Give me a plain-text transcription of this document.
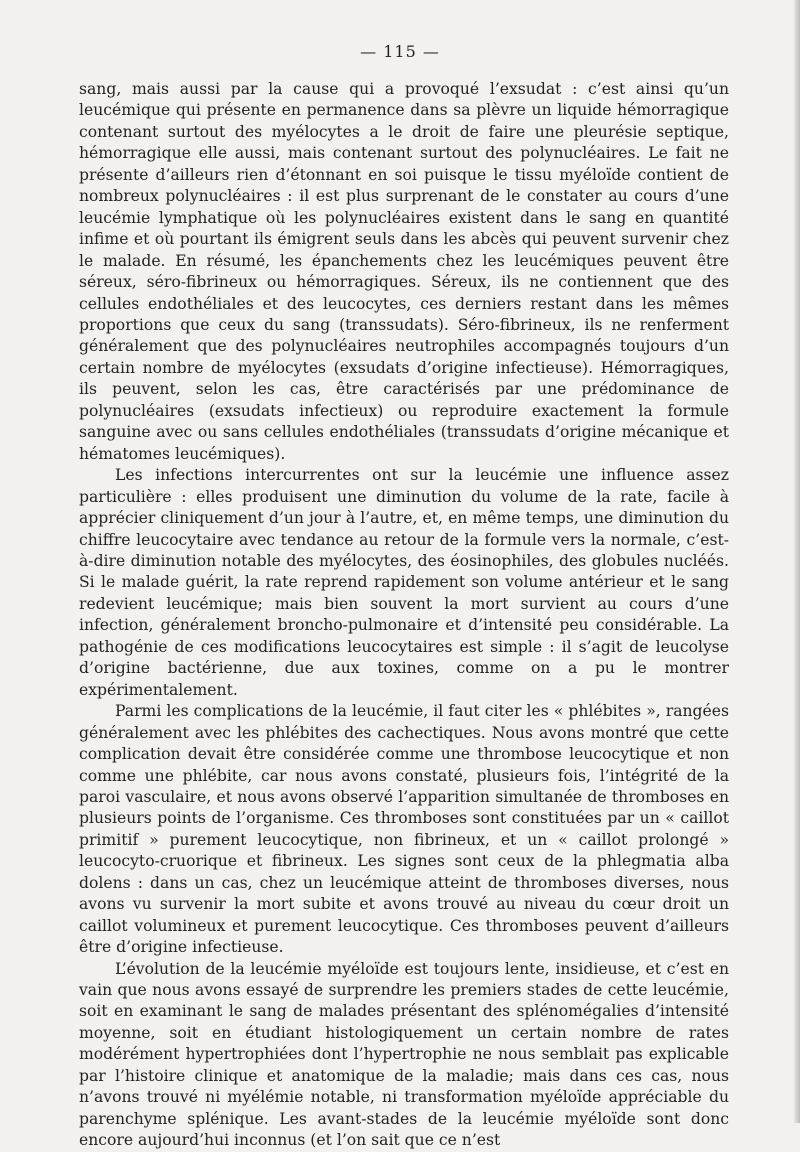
— 115 —

sang, mais aussi par la cause qui a provoqué l’exsudat : c’est ainsi qu’un leucémique qui présente en permanence dans sa plèvre un liquide hémorragique contenant surtout des myélocytes a le droit de faire une pleurésie septique, hémorragique elle aussi, mais contenant surtout des polynucléaires. Le fait ne présente d’ailleurs rien d’étonnant en soi puisque le tissu myéloïde contient de nombreux polynucléaires : il est plus surprenant de le constater au cours d’une leucémie lymphatique où les polynucléaires existent dans le sang en quantité infime et où pourtant ils émigrent seuls dans les abcès qui peuvent survenir chez le malade. En résumé, les épanchements chez les leucémiques peuvent être séreux, séro-fibrineux ou hémorragiques. Séreux, ils ne contiennent que des cellules endothéliales et des leucocytes, ces derniers restant dans les mêmes proportions que ceux du sang (transsudats). Séro-fibrineux, ils ne renferment généralement que des polynucléaires neutrophiles accompagnés toujours d’un certain nombre de myélocytes (exsudats d’origine infectieuse). Hémorragiques, ils peuvent, selon les cas, être caractérisés par une prédominance de polynucléaires (exsudats infectieux) ou reproduire exactement la formule sanguine avec ou sans cellules endothéliales (transsudats d’origine mécanique et hématomes leucémiques).

Les infections intercurrentes ont sur la leucémie une influence assez particulière : elles produisent une diminution du volume de la rate, facile à apprécier cliniquement d’un jour à l’autre, et, en même temps, une diminution du chiffre leucocytaire avec tendance au retour de la formule vers la normale, c’est-à-dire diminution notable des myélocytes, des éosinophiles, des globules nucléés. Si le malade guérit, la rate reprend rapidement son volume antérieur et le sang redevient leucémique; mais bien souvent la mort survient au cours d’une infection, généralement broncho-pulmonaire et d’intensité peu considérable. La pathogénie de ces modifications leucocytaires est simple : il s’agit de leucolyse d’origine bactérienne, due aux toxines, comme on a pu le montrer expérimentalement.

Parmi les complications de la leucémie, il faut citer les « phlébites », rangées généralement avec les phlébites des cachectiques. Nous avons montré que cette complication devait être considérée comme une thrombose leucocytique et non comme une phlébite, car nous avons constaté, plusieurs fois, l’intégrité de la paroi vasculaire, et nous avons observé l’apparition simultanée de thromboses en plusieurs points de l’organisme. Ces thromboses sont constituées par un « caillot primitif » purement leucocytique, non fibrineux, et un « caillot prolongé » leucocyto-cruorique et fibrineux. Les signes sont ceux de la phlegmatia alba dolens : dans un cas, chez un leucémique atteint de thromboses diverses, nous avons vu survenir la mort subite et avons trouvé au niveau du cœur droit un caillot volumineux et purement leucocytique. Ces thromboses peuvent d’ailleurs être d’origine infectieuse.

L’évolution de la leucémie myéloïde est toujours lente, insidieuse, et c’est en vain que nous avons essayé de surprendre les premiers stades de cette leucémie, soit en examinant le sang de malades présentant des splénomégalies d’intensité moyenne, soit en étudiant histologiquement un certain nombre de rates modérément hypertrophiées dont l’hypertrophie ne nous semblait pas explicable par l’histoire clinique et anatomique de la maladie; mais dans ces cas, nous n’avons trouvé ni myélémie notable, ni transformation myéloïde appréciable du parenchyme splénique. Les avant-stades de la leucémie myéloïde sont donc encore aujourd’hui inconnus (et l’on sait que ce n’est
